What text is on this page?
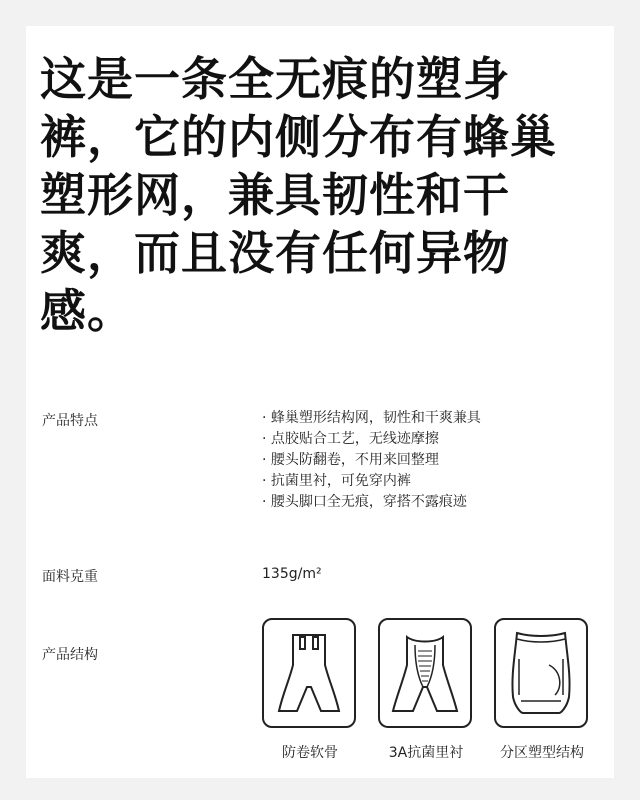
这是一条全无痕的塑身裤，它的内侧分布有蜂巢塑形网，兼具韧性和干爽，而且没有任何异物感。
产品特点
·	蜂巢塑形结构网，韧性和干爽兼具
· 点胶贴合工艺，无线迹摩擦
· 腰头防翻卷，不用来回整理
· 抗菌里衬，可免穿内裤
· 腰头脚口全无痕，穿搭不露痕迹
面料克重	135g/m²
产品结构
防卷软骨	3A抗菌里衬	分区塑型结构
